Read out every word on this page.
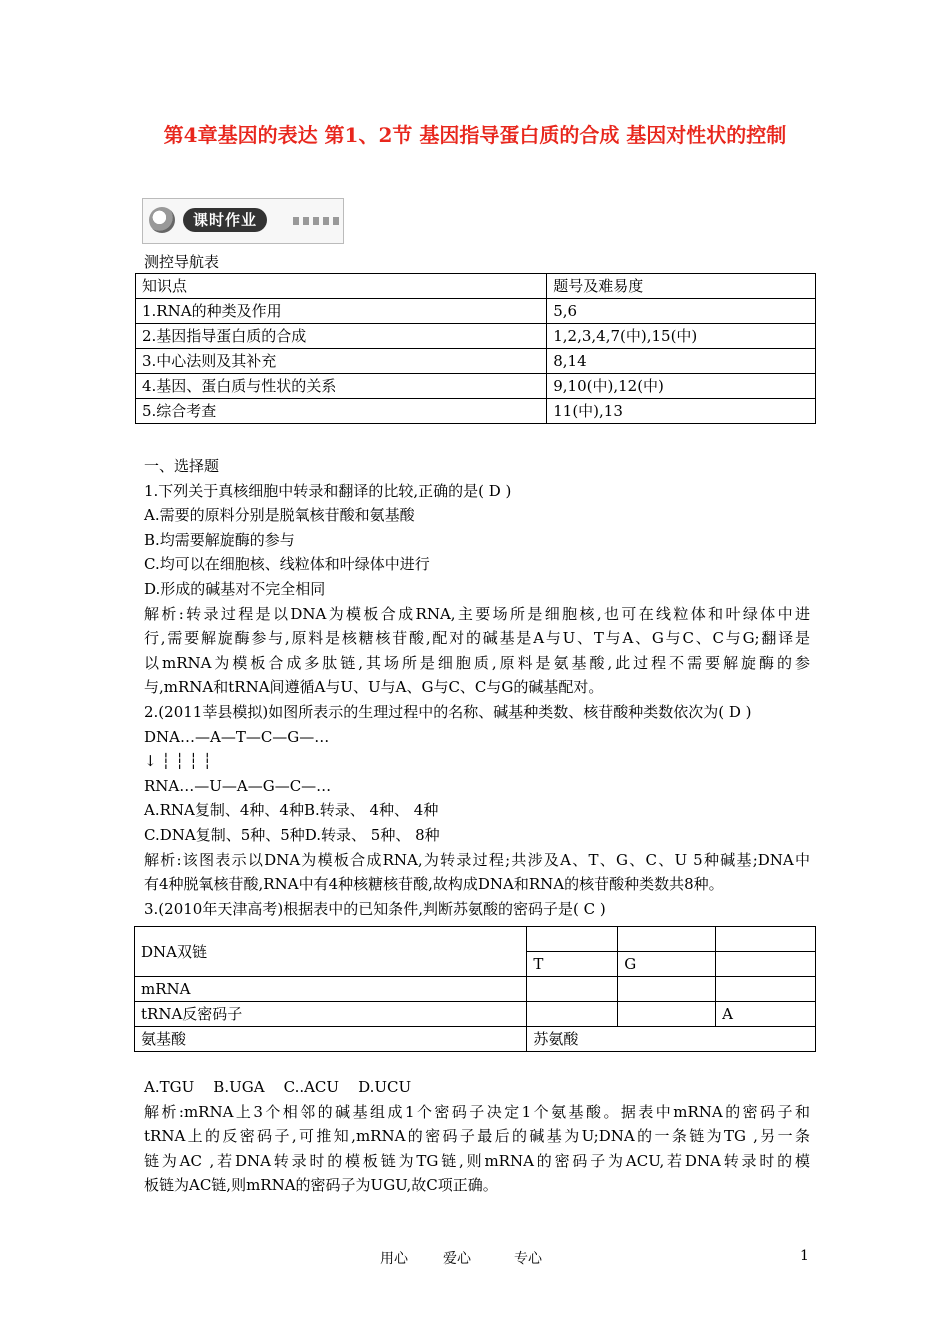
第4章基因的表达 第1、2节 基因指导蛋白质的合成 基因对性状的控制
课时作业
测控导航表
知识点	题号及难易度
1.RNA的种类及作用	5,6
2.基因指导蛋白质的合成	1,2,3,4,7(中),15(中)
3.中心法则及其补充	8,14
4.基因、蛋白质与性状的关系	9,10(中),12(中)
5.综合考查	11(中),13

一、选择题

1.下列关于真核细胞中转录和翻译的比较,正确的是( D )

A.需要的原料分别是脱氧核苷酸和氨基酸

B.均需要解旋酶的参与

C.均可以在细胞核、线粒体和叶绿体中进行

D.形成的碱基对不完全相同

解析:转录过程是以DNA为模板合成RNA,主要场所是细胞核,也可在线粒体和叶绿体中进

行,需要解旋酶参与,原料是核糖核苷酸,配对的碱基是A与U、T与A、G与C、C与G;翻译是

以mRNA为模板合成多肽链,其场所是细胞质,原料是氨基酸,此过程不需要解旋酶的参

与,mRNA和tRNA间遵循A与U、U与A、G与C、C与G的碱基配对。

2.(2011莘县模拟)如图所表示的生理过程中的名称、碱基种类数、核苷酸种类数依次为( D )

DNA…—A—T—C—G—…

↓ ┆ ┆ ┆ ┆

RNA…—U—A—G—C—…

A.RNA复制、4种、4种B.转录、 4种、 4种

C.DNA复制、5种、5种D.转录、 5种、 8种

解析:该图表示以DNA为模板合成RNA,为转录过程;共涉及A、T、G、C、U 5种碱基;DNA中

有4种脱氧核苷酸,RNA中有4种核糖核苷酸,故构成DNA和RNA的核苷酸种类数共8种。

3.(2010年天津高考)根据表中的已知条件,判断苏氨酸的密码子是( C )

DNA双链			
	T	G	
mRNA			
tRNA反密码子			A
氨基酸	苏氨酸		

A.TGU    B.UGA    C..ACU    D.UCU

解析:mRNA上3个相邻的碱基组成1个密码子决定1个氨基酸。据表中mRNA的密码子和

tRNA上的反密码子,可推知,mRNA的密码子最后的碱基为U;DNA的一条链为TG ,另一条

链为AC ,若DNA转录时的模板链为TG链,则mRNA的密码子为ACU,若DNA转录时的模

板链为AC链,则mRNA的密码子为UGU,故C项正确。

用心	爱心	专心	1
